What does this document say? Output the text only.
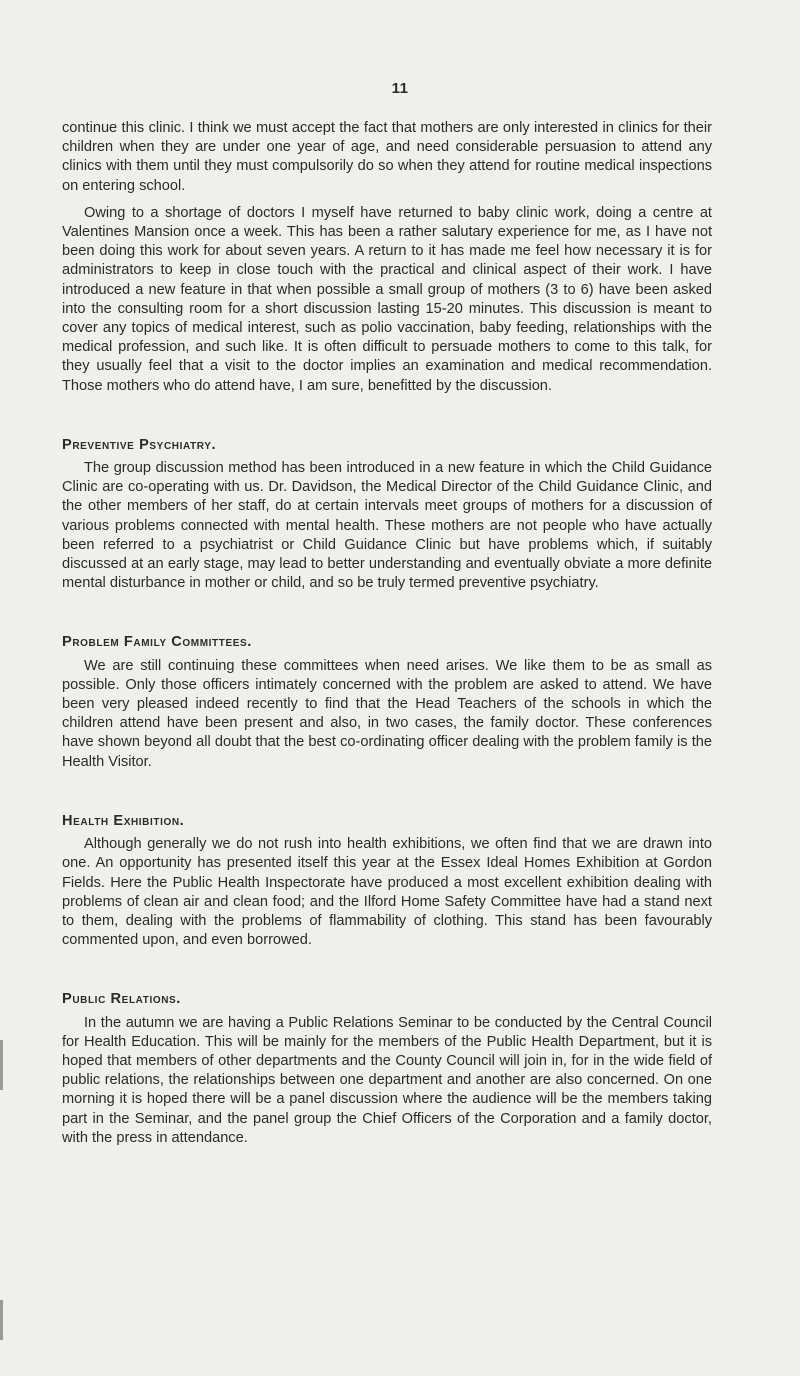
11

continue this clinic. I think we must accept the fact that mothers are only interested in clinics for their children when they are under one year of age, and need considerable persuasion to attend any clinics with them until they must compulsorily do so when they attend for routine medical inspections on entering school.

Owing to a shortage of doctors I myself have returned to baby clinic work, doing a centre at Valentines Mansion once a week. This has been a rather salutary experience for me, as I have not been doing this work for about seven years. A return to it has made me feel how necessary it is for administrators to keep in close touch with the practical and clinical aspect of their work. I have introduced a new feature in that when possible a small group of mothers (3 to 6) have been asked into the consulting room for a short discussion lasting 15-20 minutes. This discussion is meant to cover any topics of medical interest, such as polio vaccination, baby feeding, relationships with the medical profession, and such like. It is often difficult to persuade mothers to come to this talk, for they usually feel that a visit to the doctor implies an examination and medical recommendation. Those mothers who do attend have, I am sure, benefitted by the discussion.

Preventive Psychiatry.

The group discussion method has been introduced in a new feature in which the Child Guidance Clinic are co-operating with us. Dr. Davidson, the Medical Director of the Child Guidance Clinic, and the other members of her staff, do at certain intervals meet groups of mothers for a discussion of various problems connected with mental health. These mothers are not people who have actually been referred to a psychiatrist or Child Guidance Clinic but have problems which, if suitably discussed at an early stage, may lead to better understanding and eventually obviate a more definite mental disturbance in mother or child, and so be truly termed preventive psychiatry.

Problem Family Committees.

We are still continuing these committees when need arises. We like them to be as small as possible. Only those officers intimately concerned with the problem are asked to attend. We have been very pleased indeed recently to find that the Head Teachers of the schools in which the children attend have been present and also, in two cases, the family doctor. These conferences have shown beyond all doubt that the best co-ordinating officer dealing with the problem family is the Health Visitor.

Health Exhibition.

Although generally we do not rush into health exhibitions, we often find that we are drawn into one. An opportunity has presented itself this year at the Essex Ideal Homes Exhibition at Gordon Fields. Here the Public Health Inspectorate have produced a most excellent exhibition dealing with problems of clean air and clean food; and the Ilford Home Safety Committee have had a stand next to them, dealing with the problems of flammability of clothing. This stand has been favourably commented upon, and even borrowed.

Public Relations.

In the autumn we are having a Public Relations Seminar to be conducted by the Central Council for Health Education. This will be mainly for the members of the Public Health Department, but it is hoped that members of other departments and the County Council will join in, for in the wide field of public relations, the relationships between one department and another are also concerned. On one morning it is hoped there will be a panel discussion where the audience will be the members taking part in the Seminar, and the panel group the Chief Officers of the Corporation and a family doctor, with the press in attendance.
